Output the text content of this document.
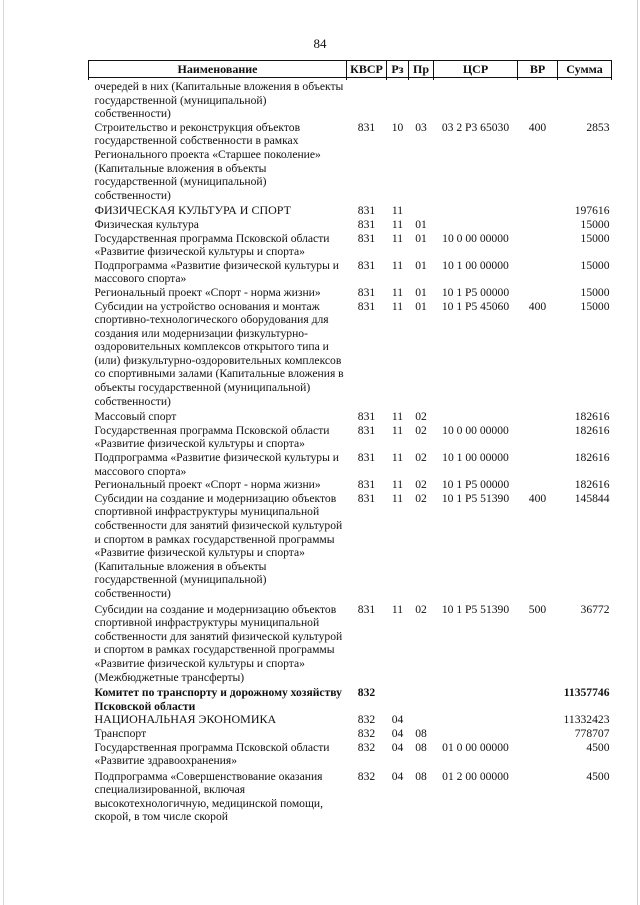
84
Наименование	КВСР	Рз	Пр	ЦСР	ВР	Сумма

очередей в них (Капитальные вложения в объекты государственной (муниципальной) собственности)						
Строительство и реконструкция объектов государственной собственности в рамках Регионального проекта «Старшее поколение» (Капитальные вложения в объекты государственной (муниципальной) собственности)	831	10	03	03 2 P3 65030	400	2853
ФИЗИЧЕСКАЯ КУЛЬТУРА И СПОРТ	831	11				197616
Физическая культура	831	11	01			15000
Государственная программа Псковской области «Развитие физической культуры и спорта»	831	11	01	10 0 00 00000		15000
Подпрограмма «Развитие физической культуры и массового спорта»	831	11	01	10 1 00 00000		15000
Региональный проект «Спорт - норма жизни»	831	11	01	10 1 P5 00000		15000
Субсидии на устройство основания и монтаж спортивно-технологического оборудования для создания или модернизации физкультурно-оздоровительных комплексов открытого типа и (или) физкультурно-оздоровительных комплексов со спортивными залами (Капитальные вложения в объекты государственной (муниципальной) собственности)	831	11	01	10 1 P5 45060	400	15000
Массовый спорт	831	11	02			182616
Государственная программа Псковской области «Развитие физической культуры и спорта»	831	11	02	10 0 00 00000		182616
Подпрограмма «Развитие физической культуры и массового спорта»	831	11	02	10 1 00 00000		182616
Региональный проект «Спорт - норма жизни»	831	11	02	10 1 P5 00000		182616
Субсидии на создание и модернизацию объектов спортивной инфраструктуры муниципальной собственности для занятий физической культурой и спортом в рамках государственной программы «Развитие физической культуры и спорта» (Капитальные вложения в объекты государственной (муниципальной) собственности)	831	11	02	10 1 P5 51390	400	145844
Субсидии на создание и модернизацию объектов спортивной инфраструктуры муниципальной собственности для занятий физической культурой и спортом в рамках государственной программы «Развитие физической культуры и спорта» (Межбюджетные трансферты)	831	11	02	10 1 P5 51390	500	36772
Комитет по транспорту и дорожному хозяйству Псковской области	832					11357746
НАЦИОНАЛЬНАЯ ЭКОНОМИКА	832	04				11332423
Транспорт	832	04	08			778707
Государственная программа Псковской области «Развитие здравоохранения»	832	04	08	01 0 00 00000		4500
Подпрограмма «Совершенствование оказания специализированной, включая высокотехнологичную, медицинской помощи, скорой, в том числе скорой	832	04	08	01 2 00 00000		4500
